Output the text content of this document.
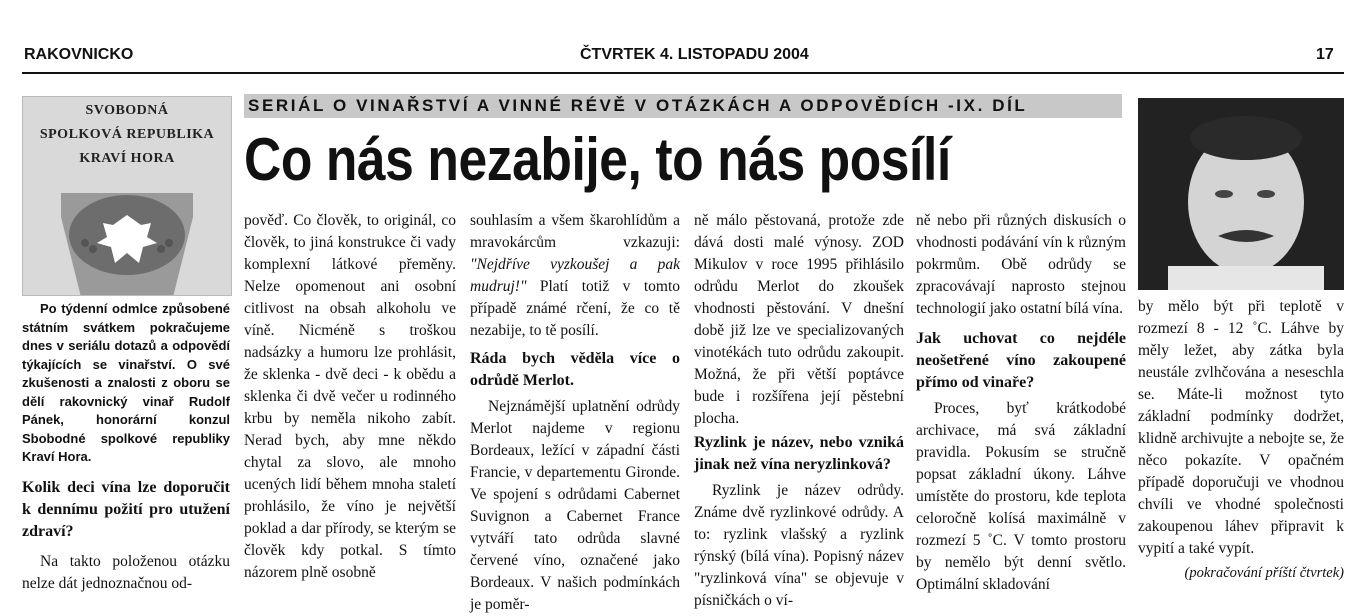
RAKOVNICKO	ČTVRTEK 4. LISTOPADU 2004	17
SVOBODNÁ
SPOLKOVÁ REPUBLIKA
KRAVÍ HORA
SERIÁL O VINAŘSTVÍ A VINNÉ RÉVĚ V OTÁZKÁCH A ODPOVĚDÍCH -IX. DÍL
Co nás nezabije, to nás posílí

Po týdenní odmlce způsobené státním svátkem pokračujeme dnes v seriálu dotazů a odpovědí týkajících se vinařství. O své zkušenosti a znalosti z oboru se dělí rakovnický vinař Rudolf Pánek, honorární konzul Sbobodné spolkové republiky Kraví Hora.

Kolik deci vína lze doporučit k dennímu požití pro utužení zdraví?

Na takto položenou otázku nelze dát jednoznačnou od-

pověď. Co člověk, to originál, co člověk, to jiná konstrukce či vady komplexní látkové přeměny. Nelze opomenout ani osobní citlivost na obsah alkoholu ve víně. Nicméně s troškou nadsázky a humoru lze prohlásit, že sklenka - dvě deci - k obědu a sklenka či dvě večer u rodinného krbu by neměla nikoho zabít. Nerad bych, aby mne někdo chytal za slovo, ale mnoho ucených lidí během mnoha staletí prohlásilo, že víno je největší poklad a dar přírody, se kterým se člověk kdy potkal. S tímto názorem plně osobně

souhlasím a všem škarohlídům a mravokárcům vzkazuji: "Nejdříve vyzkoušej a pak mudruj!" Platí totiž v tomto případě známé rčení, že co tě nezabije, to tě posílí.

Ráda bych věděla více o odrůdě Merlot.

Nejznámější uplatnění odrůdy Merlot najdeme v regionu Bordeaux, ležící v západní části Francie, v departementu Gironde. Ve spojení s odrůdami Cabernet Suvignon a Cabernet France vytváří tato odrůda slavné červené víno, označené jako Bordeaux. V našich podmínkách je poměr-

ně málo pěstovaná, protože zde dává dosti malé výnosy. ZOD Mikulov v roce 1995 přihlásilo odrůdu Merlot do zkoušek vhodnosti pěstování. V dnešní době již lze ve specializovaných vinotékách tuto odrůdu zakoupit. Možná, že při větší poptávce bude i rozšířena její pěstební plocha.

Ryzlink je název, nebo vzniká jinak než vína neryzlinková?

Ryzlink je název odrůdy. Známe dvě ryzlinkové odrůdy. A to: ryzlink vlašský a ryzlink rýnský (bílá vína). Popisný název "ryzlinková vína" se objevuje v písničkách o ví-

ně nebo při různých diskusích o vhodnosti podávání vín k různým pokrmům. Obě odrůdy se zpracovávají naprosto stejnou technologií jako ostatní bílá vína.

Jak uchovat co nejdéle neošetřené víno zakoupené přímo od vinaře?

Proces, byť krátkodobé archivace, má svá základní pravidla. Pokusím se stručně popsat základní úkony. Láhve umístěte do prostoru, kde teplota celoročně kolísá maximálně v rozmezí 5 ˚C. V tomto prostoru by nemělo být denní světlo. Optimální skladování

by mělo být při teplotě v rozmezí 8 - 12 ˚C. Láhve by měly ležet, aby zátka byla neustále zvlhčována a neseschla se. Máte-li možnost tyto základní podmínky dodržet, klidně archivujte a nebojte se, že něco pokazíte. V opačném případě doporučuji ve vhodnou chvíli ve vhodné společnosti zakoupenou láhev připravit k vypití a také vypít.

(pokračování příští čtvrtek)
